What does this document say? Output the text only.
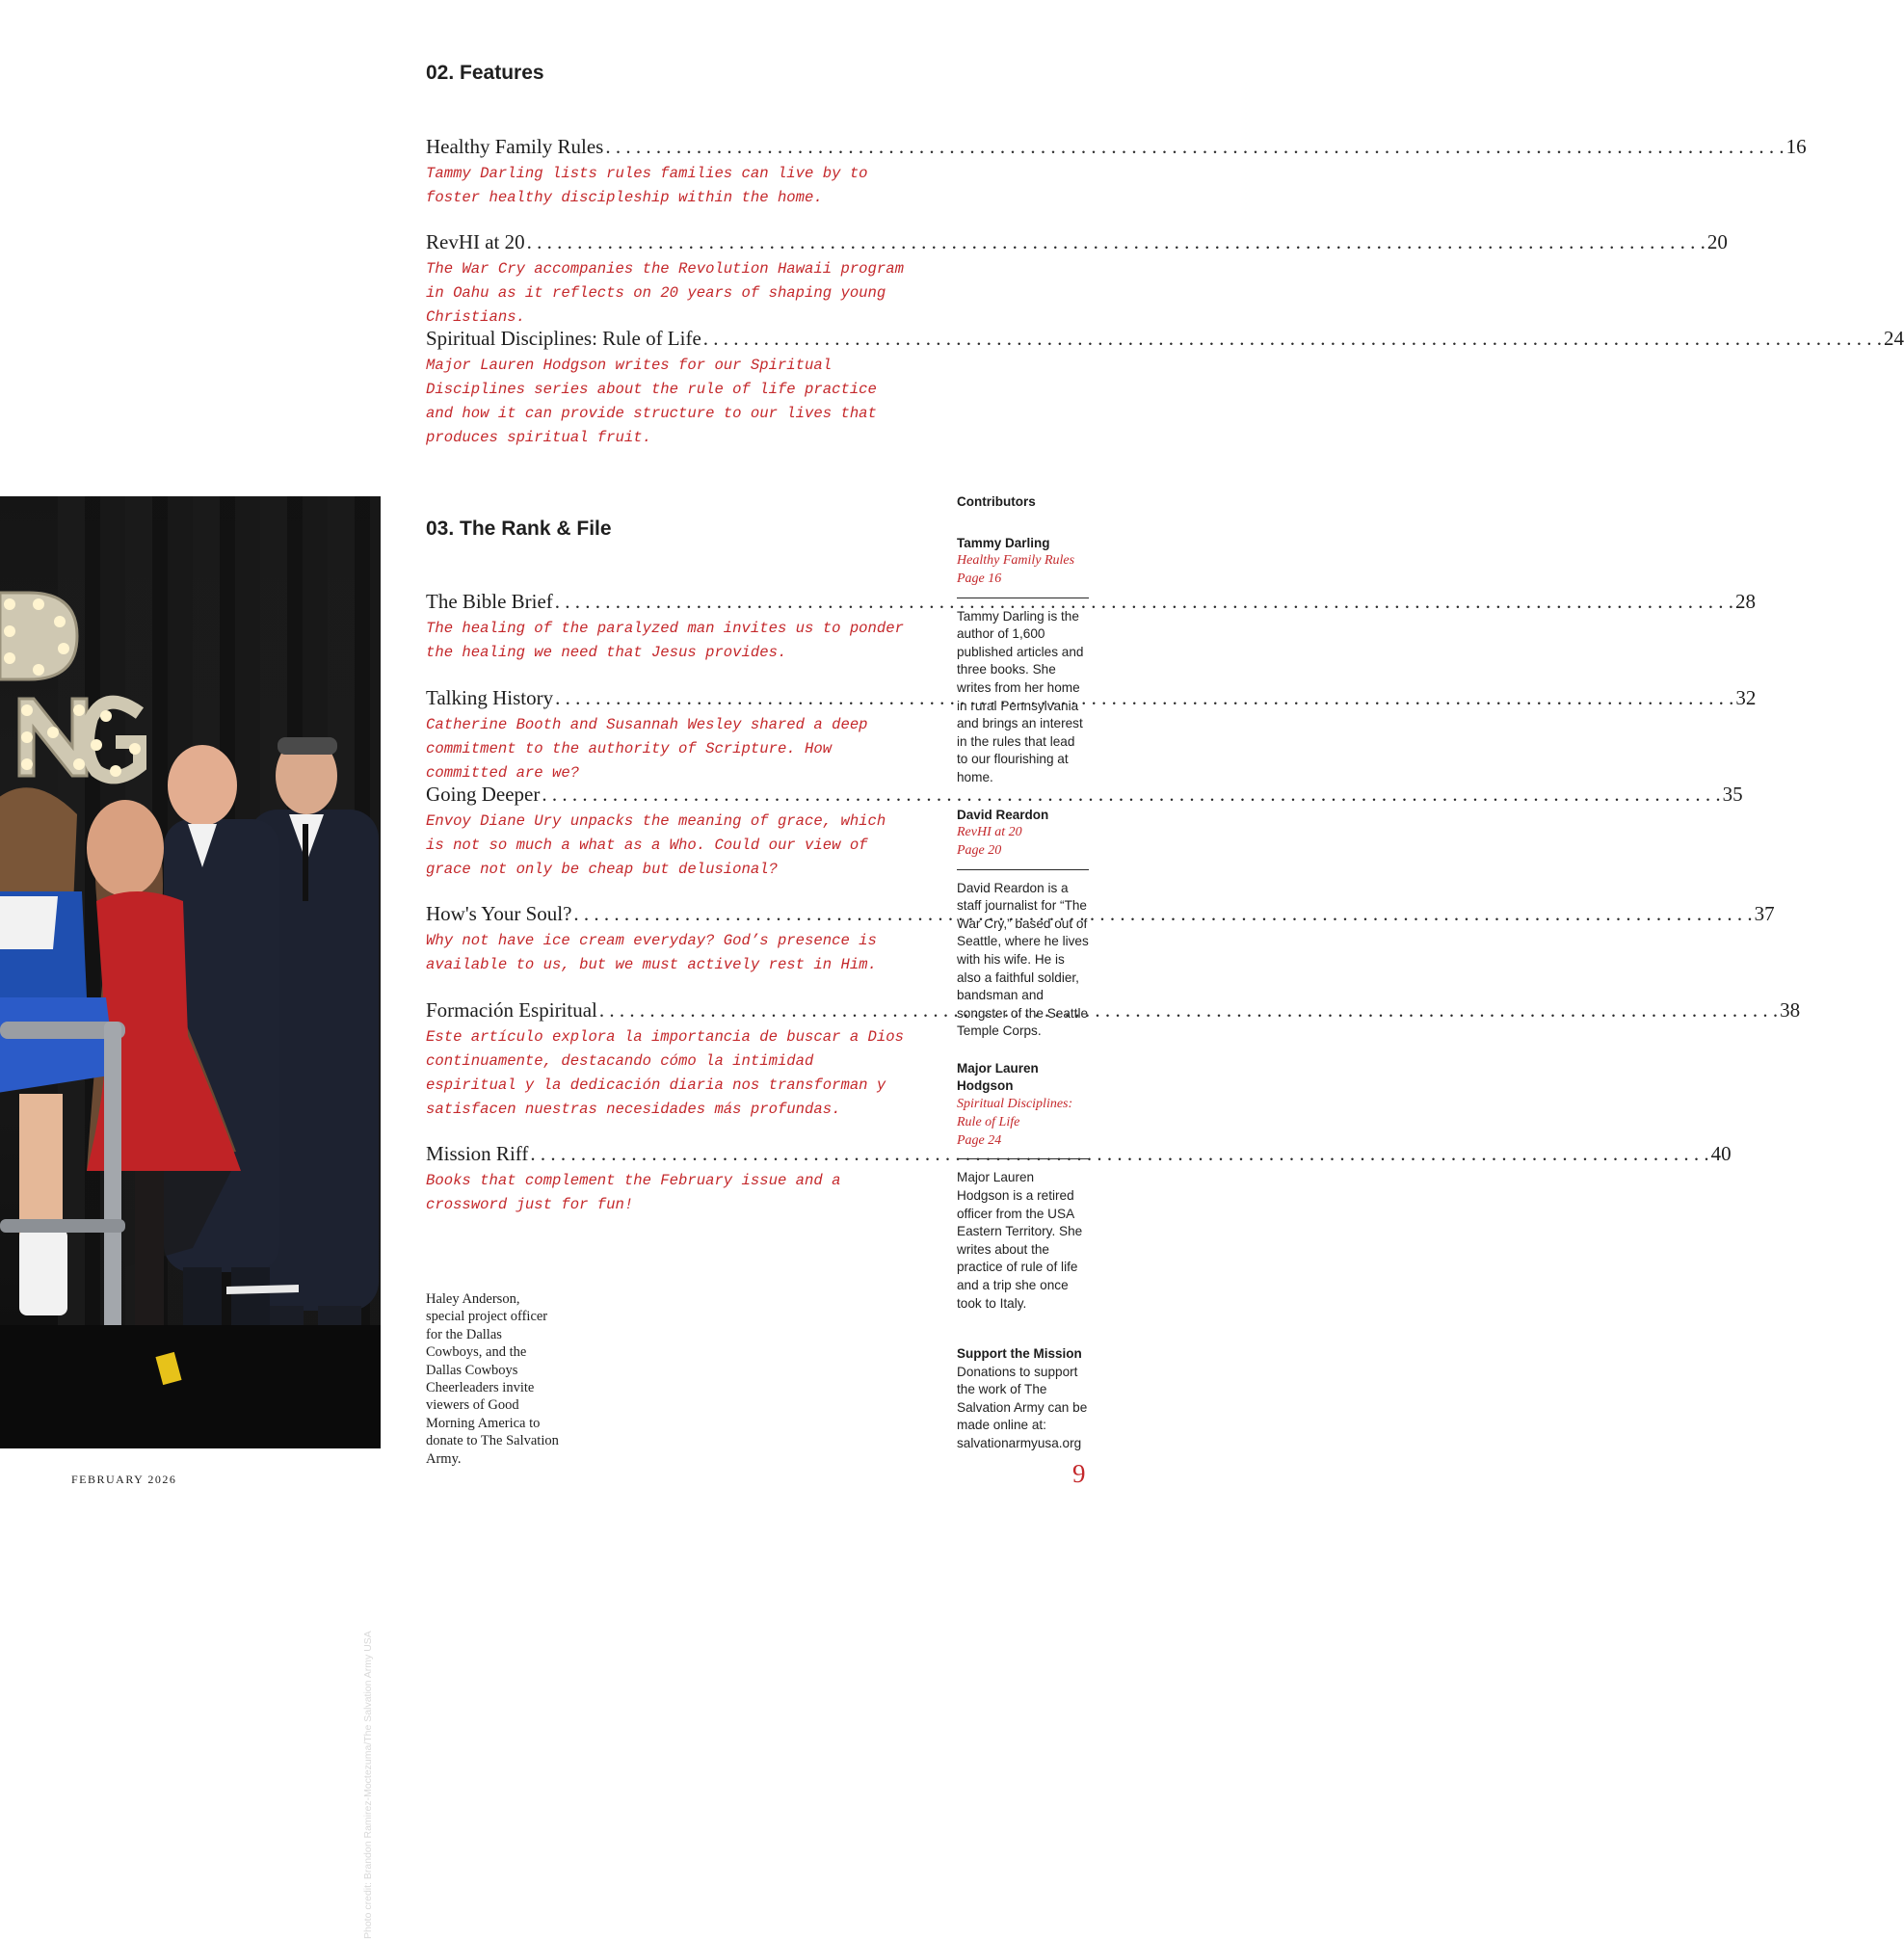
02. Features
Healthy Family Rules . . .	16
Tammy Darling lists rules families can live by to foster healthy discipleship within the home.
RevHI at 20 . . .	20
The War Cry accompanies the Revolution Hawaii program in Oahu as it reflects on 20 years of shaping young Christians.
Spiritual Disciplines: Rule of Life . . .	24
Major Lauren Hodgson writes for our Spiritual Disciplines series about the rule of life practice and how it can provide structure to our lives that produces spiritual fruit.
Photo credit: Brandon Ramirez-Moctezuma/The Salvation Army USA
03. The Rank & File
The Bible Brief . . .	28
The healing of the paralyzed man invites us to ponder the healing we need that Jesus provides.
Talking History . . .	32
Catherine Booth and Susannah Wesley shared a deep commitment to the authority of Scripture. How committed are we?
Going Deeper . . .	35
Envoy Diane Ury unpacks the meaning of grace, which is not so much a what as a Who. Could our view of grace not only be cheap but delusional?
How's Your Soul? . . .	37
Why not have ice cream everyday? God’s presence is available to us, but we must actively rest in Him.
Formación Espiritual . . .	38
Este artículo explora la importancia de buscar a Dios continuamente, destacando cómo la intimidad espiritual y la dedicación diaria nos transforman y satisfacen nuestras necesidades más profundas.
Mission Riff . . .	40
Books that complement the February issue and a crossword just for fun!
Haley Anderson, special project officer for the Dallas Cowboys, and the Dallas Cowboys Cheerleaders invite viewers of Good Morning America to donate to The Salvation Army.
Contributors
Tammy Darling
Healthy Family Rules
Page 16
Tammy Darling is the author of 1,600 published articles and three books. She writes from her home in rural Pennsylvania and brings an interest in the rules that lead to our flourishing at home.
David Reardon
RevHI at 20
Page 20
David Reardon is a staff journalist for “The War Cry,” based out of Seattle, where he lives with his wife. He is also a faithful soldier, bandsman and songster of the Seattle Temple Corps.
Major Lauren Hodgson
Spiritual Disciplines: Rule of Life
Page 24
Major Lauren Hodgson is a retired officer from the USA Eastern Territory. She writes about the practice of rule of life and a trip she once took to Italy.
Support the Mission
Donations to support the work of The Salvation Army can be made online at: salvationarmyusa.org
FEBRUARY 2026	9
